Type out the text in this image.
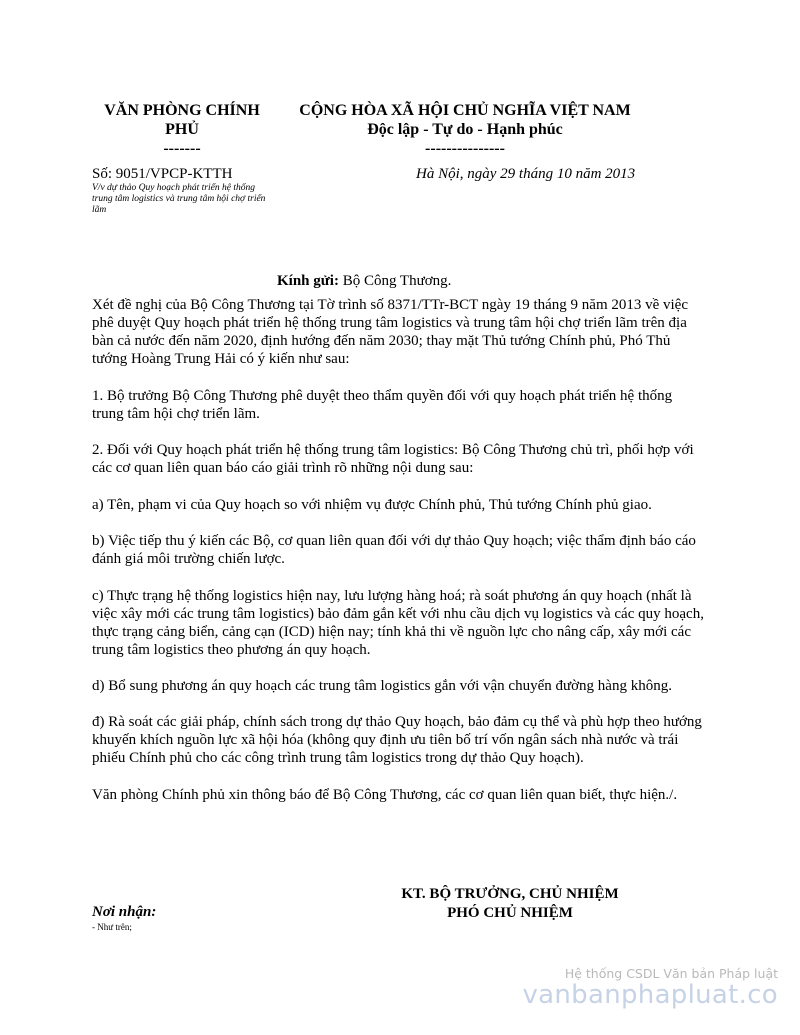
VĂN PHÒNG CHÍNH
PHỦ
-------
CỘNG HÒA XÃ HỘI CHỦ NGHĨA VIỆT NAM
Độc lập - Tự do - Hạnh phúc
---------------
Số: 9051/VPCP-KTTH
V/v dự thảo Quy hoạch phát triển hệ thống trung tâm logistics và trung tâm hội chợ triển lãm
Hà Nội, ngày 29 tháng 10 năm 2013
Kính gửi: Bộ Công Thương.
Xét đề nghị của Bộ Công Thương tại Tờ trình số 8371/TTr-BCT ngày 19 tháng 9 năm 2013 về việc phê duyệt Quy hoạch phát triển hệ thống trung tâm logistics và trung tâm hội chợ triển lãm trên địa bàn cả nước đến năm 2020, định hướng đến năm 2030; thay mặt Thủ tướng Chính phủ, Phó Thủ tướng Hoàng Trung Hải có ý kiến như sau:
1. Bộ trưởng Bộ Công Thương phê duyệt theo thẩm quyền đối với quy hoạch phát triển hệ thống trung tâm hội chợ triển lãm.
2. Đối với Quy hoạch phát triển hệ thống trung tâm logistics: Bộ Công Thương chủ trì, phối hợp với các cơ quan liên quan báo cáo giải trình rõ những nội dung sau:
a) Tên, phạm vi của Quy hoạch so với nhiệm vụ được Chính phủ, Thủ tướng Chính phủ giao.
b) Việc tiếp thu ý kiến các Bộ, cơ quan liên quan đối với dự thảo Quy hoạch; việc thẩm định báo cáo đánh giá môi trường chiến lược.
c) Thực trạng hệ thống logistics hiện nay, lưu lượng hàng hoá; rà soát phương án quy hoạch (nhất là việc xây mới các trung tâm logistics) bảo đảm gắn kết với nhu cầu dịch vụ logistics và các quy hoạch, thực trạng cảng biển, cảng cạn (ICD) hiện nay; tính khả thi về nguồn lực cho nâng cấp, xây mới các trung tâm logistics theo phương án quy hoạch.
d) Bổ sung phương án quy hoạch các trung tâm logistics gắn với vận chuyển đường hàng không.
đ) Rà soát các giải pháp, chính sách trong dự thảo Quy hoạch, bảo đảm cụ thể và phù hợp theo hướng khuyến khích nguồn lực xã hội hóa (không quy định ưu tiên bố trí vốn ngân sách nhà nước và trái phiếu Chính phủ cho các công trình trung tâm logistics trong dự thảo Quy hoạch).
Văn phòng Chính phủ xin thông báo để Bộ Công Thương, các cơ quan liên quan biết, thực hiện./.
KT. BỘ TRƯỞNG, CHỦ NHIỆM
PHÓ CHỦ NHIỆM
Nơi nhận:
- Như trên;
Hệ thống CSDL Văn bản Pháp luật
vanbanphapluat.co
